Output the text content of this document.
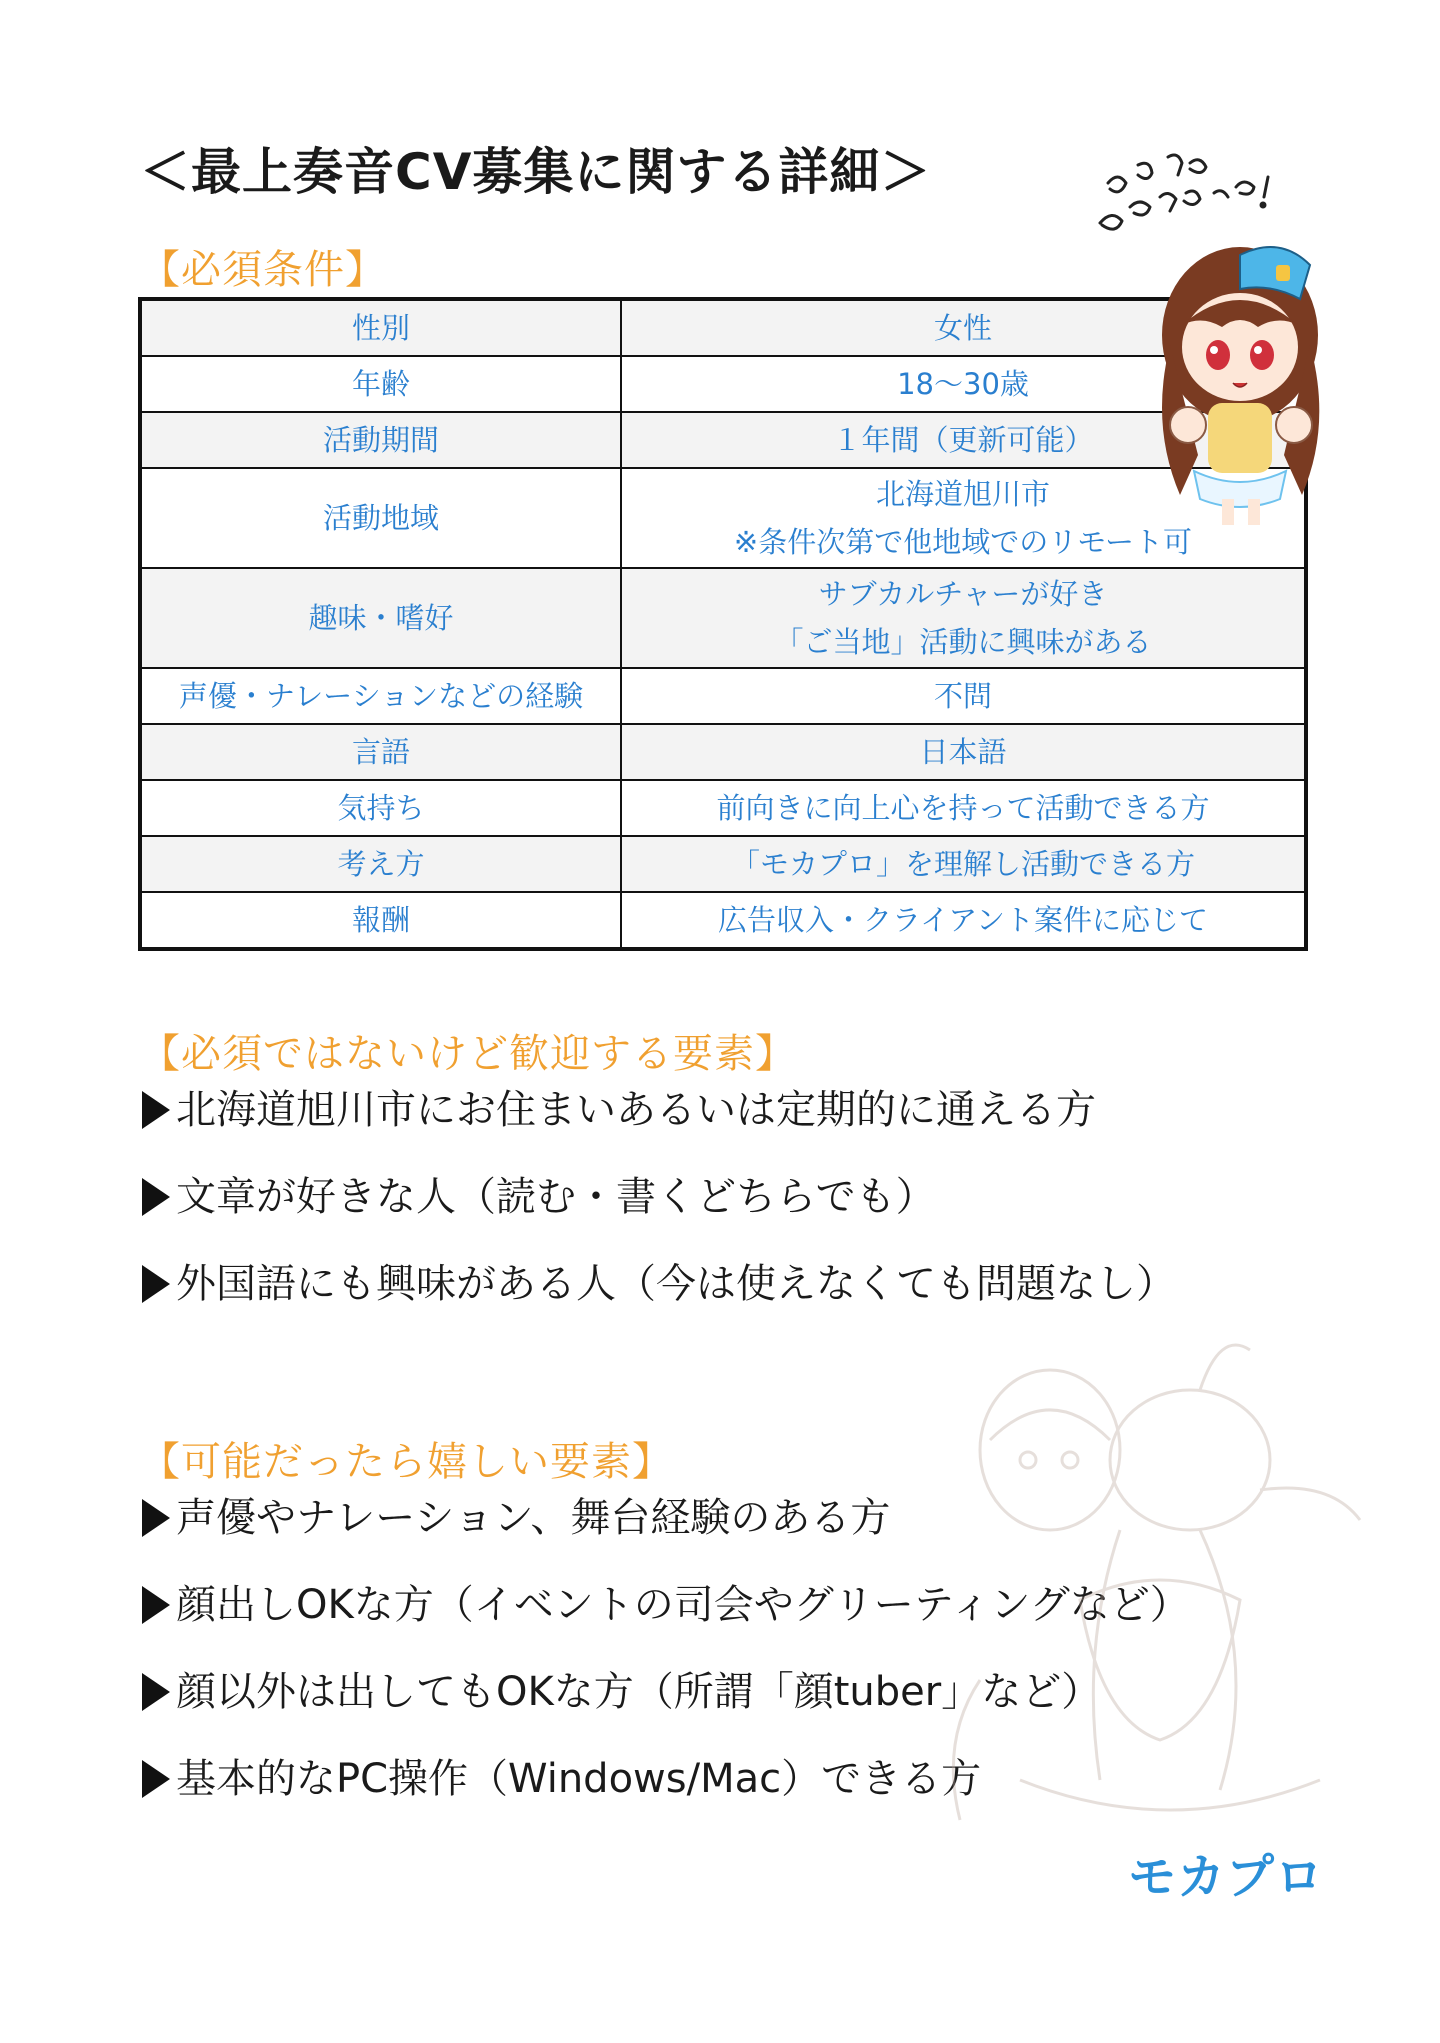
＜最上奏音CV募集に関する詳細＞
【必須条件】
性別	女性
年齢	18〜30歳
活動期間	１年間（更新可能）
活動地域	北海道旭川市
※条件次第で他地域でのリモート可

趣味・嗜好	サブカルチャーが好き
「ご当地」活動に興味がある

声優・ナレーションなどの経験	不問
言語	日本語
気持ち	前向きに向上心を持って活動できる方
考え方	「モカプロ」を理解し活動できる方
報酬	広告収入・クライアント案件に応じて
【必須ではないけど歓迎する要素】
北海道旭川市にお住まいあるいは定期的に通える方
文章が好きな人（読む・書くどちらでも）
外国語にも興味がある人（今は使えなくても問題なし）
【可能だったら嬉しい要素】
声優やナレーション、舞台経験のある方
顔出しOKな方（イベントの司会やグリーティングなど）
顔以外は出してもOKな方（所謂「顔tuber」など）
基本的なPC操作（Windows/Mac）できる方
モカプロ
